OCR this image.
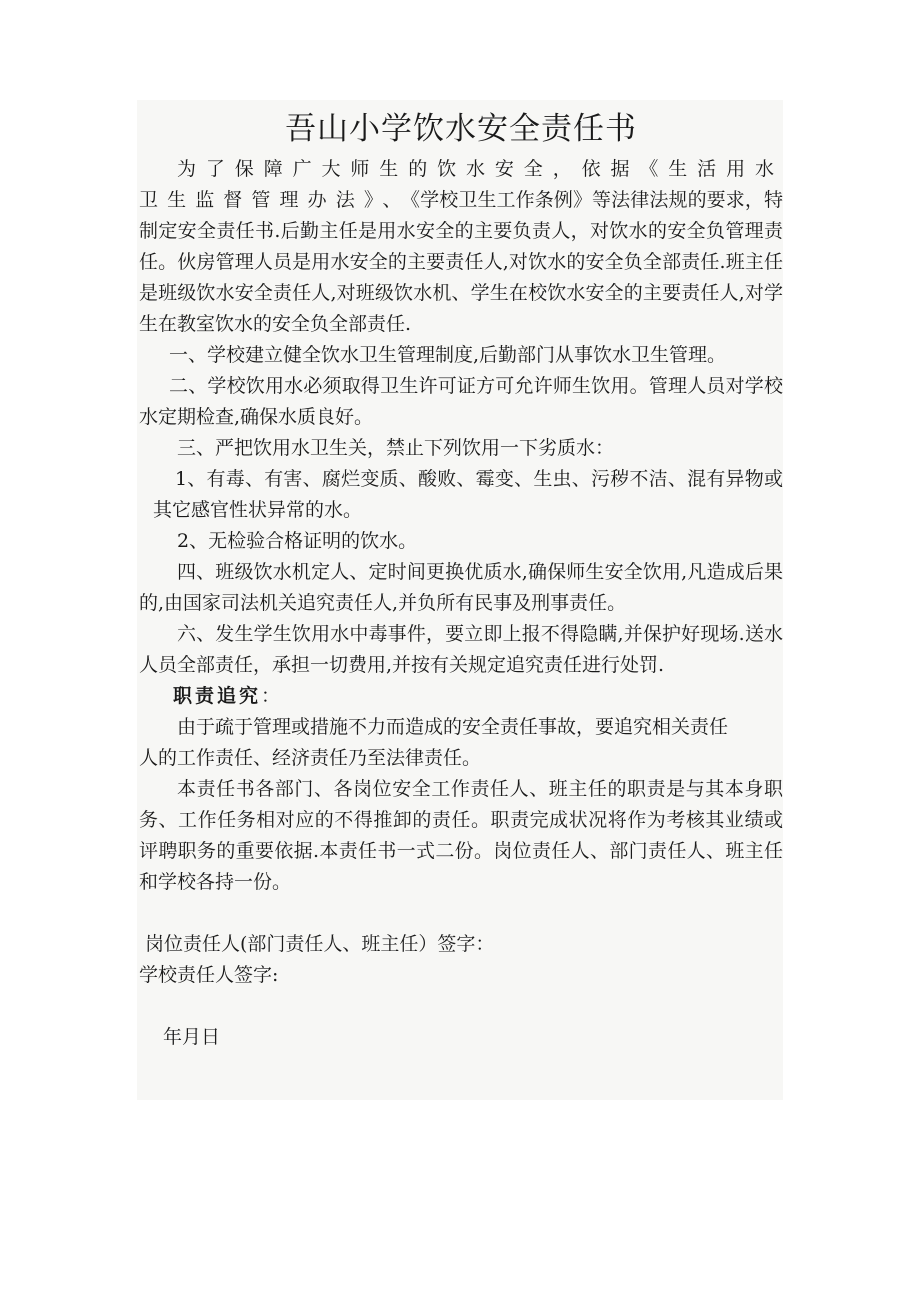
吾山小学饮水安全责任书

为了保障广大师生的饮水安全，依据《生活用水卫生监督管理办法》、《学校卫生工作条例》等法律法规的要求，特制定安全责任书.后勤主任是用水安全的主要负责人，对饮水的安全负管理责任。伙房管理人员是用水安全的主要责任人,对饮水的安全负全部责任.班主任是班级饮水安全责任人,对班级饮水机、学生在校饮水安全的主要责任人,对学生在教室饮水的安全负全部责任.

一、学校建立健全饮水卫生管理制度,后勤部门从事饮水卫生管理。

二、学校饮用水必须取得卫生许可证方可允许师生饮用。管理人员对学校水定期检查,确保水质良好。

三、严把饮用水卫生关，禁止下列饮用一下劣质水：

1、有毒、有害、腐烂变质、酸败、霉变、生虫、污秽不洁、混有异物或其它感官性状异常的水。

2、无检验合格证明的饮水。

四、班级饮水机定人、定时间更换优质水,确保师生安全饮用,凡造成后果的,由国家司法机关追究责任人,并负所有民事及刑事责任。

六、发生学生饮用水中毒事件，要立即上报不得隐瞒,并保护好现场.送水人员全部责任，承担一切费用,并按有关规定追究责任进行处罚.

职责追究：

由于疏于管理或措施不力而造成的安全责任事故，要追究相关责任

人的工作责任、经济责任乃至法律责任。

本责任书各部门、各岗位安全工作责任人、班主任的职责是与其本身职务、工作任务相对应的不得推卸的责任。职责完成状况将作为考核其业绩或评聘职务的重要依据.本责任书一式二份。岗位责任人、部门责任人、班主任和学校各持一份。

岗位责任人(部门责任人、班主任）签字：

学校责任人签字:

年月日
